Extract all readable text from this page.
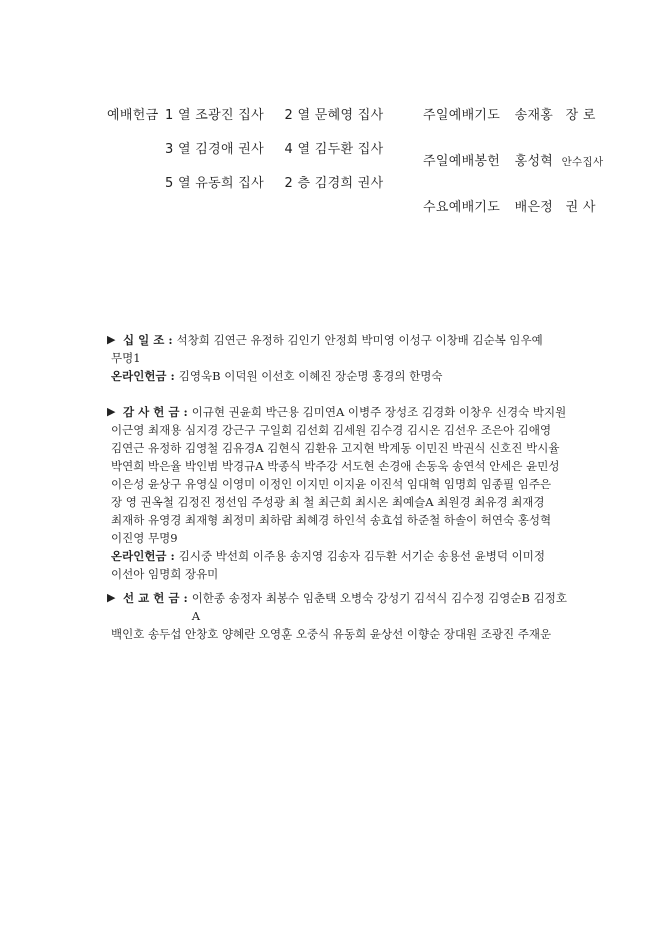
예배헌금 1 열 조광진 집사 2 열 문혜영 집사
3 열 김경애 권사 4 열 김두환 집사
5 열 유동희 집사 2 층 김경희 권사
주일예배기도 송재홍 장 로
주일예배봉헌 홍성혁 안수집사
수요예배기도 배은정 권 사
▶ 십 일 조 : 석창희 김연근 유정하 김인기 안정희 박미영 이성구 이창배 김순복 임우예
무명1
온라인헌금 : 김영욱B 이덕원 이선호 이혜진 장순명 홍경의 한명숙
▶ 감 사 헌 금 : 이규현 권윤희 박근용 김미연A 이병주 장성조 김경화 이창우 신경숙 박지원
이근영 최재용 심지경 강근구 구일회 김선회 김세원 김수경 김시온 김선우 조은아 김애영
김연근 유정하 김영철 김유경A 김현식 김환유 고지현 박계동 이민진 박권식 신호진 박시율
박연희 박은율 박인범 박경규A 박종식 박주강 서도현 손경애 손동욱 송연석 안세은 윤민성
이은성 윤상구 유영실 이영미 이정인 이지민 이지윤 이진석 임대혁 임명희 임종필 임주은
장 영 권옥철 김정진 정선임 주성광 최 철 최근희 최시온 최예슬A 최원경 최유경 최재경
최재하 유영경 최재형 최정미 최하람 최혜경 하인석 송효섭 하준철 하솔이 허연숙 홍성혁
이진영 무명9
온라인헌금 : 김시중 박선희 이주용 송지영 김송자 김두환 서기순 송용선 윤병덕 이미정
이선아 임명희 장유미
▶ 선 교 헌 금 : 이한종 송정자 최봉수 임춘택 오병숙 강성기 김석식 김수정 김영순B 김정호A
백인호 송두섭 안창호 양혜란 오영훈 오중식 유동희 윤상선 이향순 장대원 조광진 주재운
